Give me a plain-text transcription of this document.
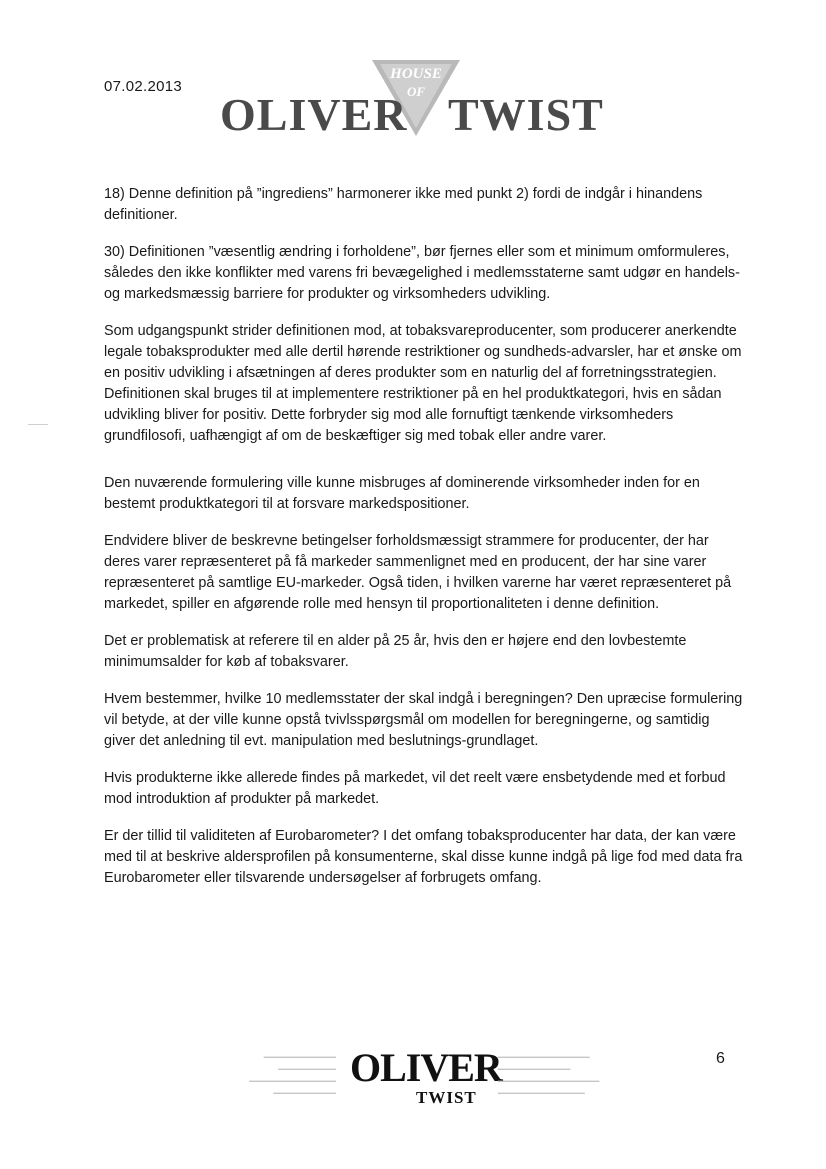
07.02.2013
HOUSE
OF
OLIVER TWIST

18) Denne definition på ”ingrediens” harmonerer ikke med punkt 2) fordi de indgår i hinandens definitioner.

30) Definitionen ”væsentlig ændring i forholdene”, bør fjernes eller som et minimum omformuleres, således den ikke konflikter med varens fri bevægelighed i medlemsstaterne samt udgør en handels- og markedsmæssig barriere for produkter og virksomheders udvikling.

Som udgangspunkt strider definitionen mod, at tobaksvareproducenter, som producerer anerkendte legale tobaksprodukter med alle dertil hørende restriktioner og sundheds-advarsler, har et ønske om en positiv udvikling i afsætningen af deres produkter som en naturlig del af forretningsstrategien. Definitionen skal bruges til at implementere restriktioner på en hel produktkategori, hvis en sådan udvikling bliver for positiv. Dette forbryder sig mod alle fornuftigt tænkende virksomheders grundfilosofi, uafhængigt af om de beskæftiger sig med tobak eller andre varer.

Den nuværende formulering ville kunne misbruges af dominerende virksomheder inden for en bestemt produktkategori til at forsvare markedspositioner.

Endvidere bliver de beskrevne betingelser forholdsmæssigt strammere for producenter, der har deres varer repræsenteret på få markeder sammenlignet med en producent, der har sine varer repræsenteret på samtlige EU-markeder. Også tiden, i hvilken varerne har været repræsenteret på markedet, spiller en afgørende rolle med hensyn til proportionaliteten i denne definition.

Det er problematisk at referere til en alder på 25 år, hvis den er højere end den lovbestemte minimumsalder for køb af tobaksvarer.

Hvem bestemmer, hvilke 10 medlemsstater der skal indgå i beregningen? Den upræcise formulering vil betyde, at der ville kunne opstå tvivlsspørgsmål om modellen for beregningerne, og samtidig giver det anledning til evt. manipulation med beslutnings-grundlaget.

Hvis produkterne ikke allerede findes på markedet, vil det reelt være ensbetydende med et forbud mod introduktion af produkter på markedet.

Er der tillid til validiteten af Eurobarometer? I det omfang tobaksproducenter har data, der kan være med til at beskrive aldersprofilen på konsumenterne, skal disse kunne indgå på lige fod med data fra Eurobarometer eller tilsvarende undersøgelser af forbrugets omfang.

━━━━━━━━━━━━━━━
━━━━━━━━━━━━
━━━━━━━━━━━━━━━━━━
━━━━━━━━━━━━━
OLIVER
TWIST
━━━━━━━━━━━━━━━━━━━
━━━━━━━━━━━━━━━
━━━━━━━━━━━━━━━━━━━━━
━━━━━━━━━━━━━━━━━━
6
